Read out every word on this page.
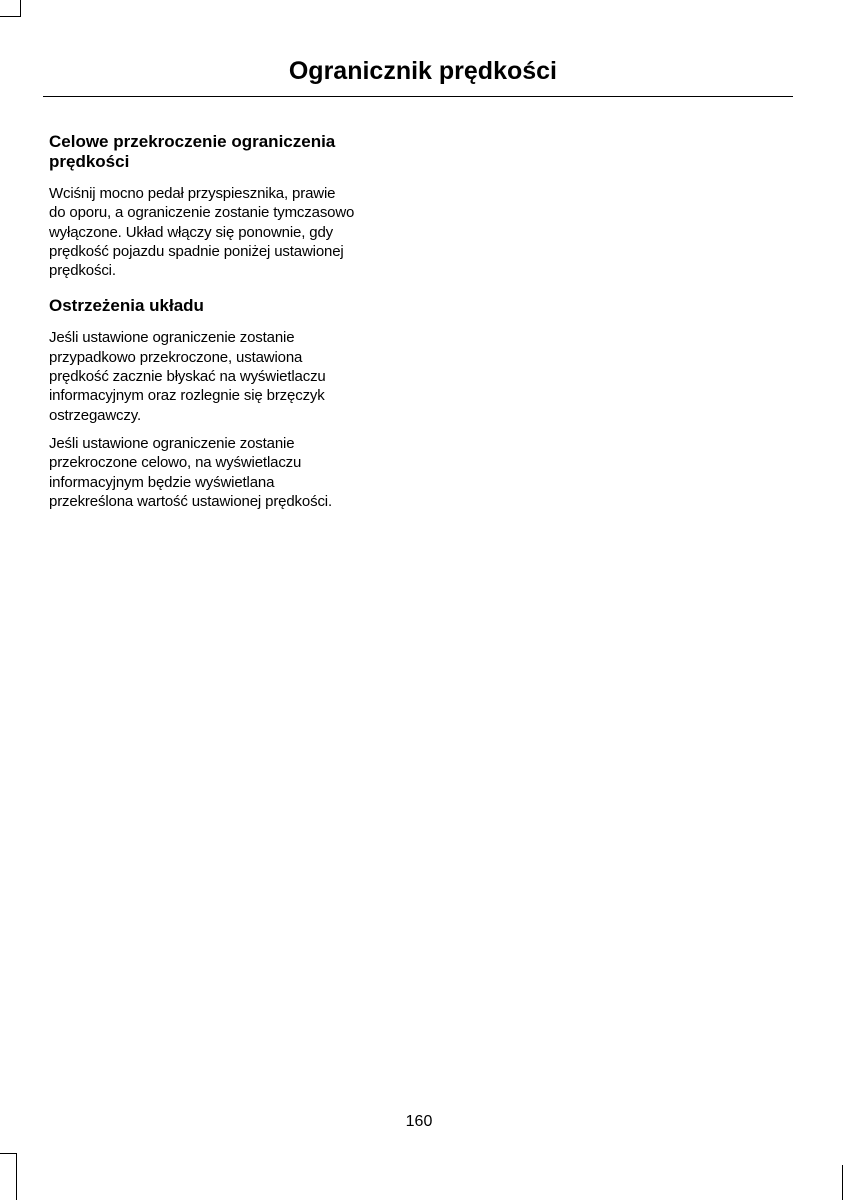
Ogranicznik prędkości
Celowe przekroczenie ograniczenia
prędkości

Wciśnij mocno pedał przyspiesznika, prawie
do oporu, a ograniczenie zostanie tymczasowo
wyłączone. Układ włączy się ponownie, gdy
prędkość pojazdu spadnie poniżej ustawionej
prędkości.

Ostrzeżenia układu

Jeśli ustawione ograniczenie zostanie
przypadkowo przekroczone, ustawiona
prędkość zacznie błyskać na wyświetlaczu
informacyjnym oraz rozlegnie się brzęczyk
ostrzegawczy.

Jeśli ustawione ograniczenie zostanie
przekroczone celowo, na wyświetlaczu
informacyjnym będzie wyświetlana
przekreślona wartość ustawionej prędkości.

160
